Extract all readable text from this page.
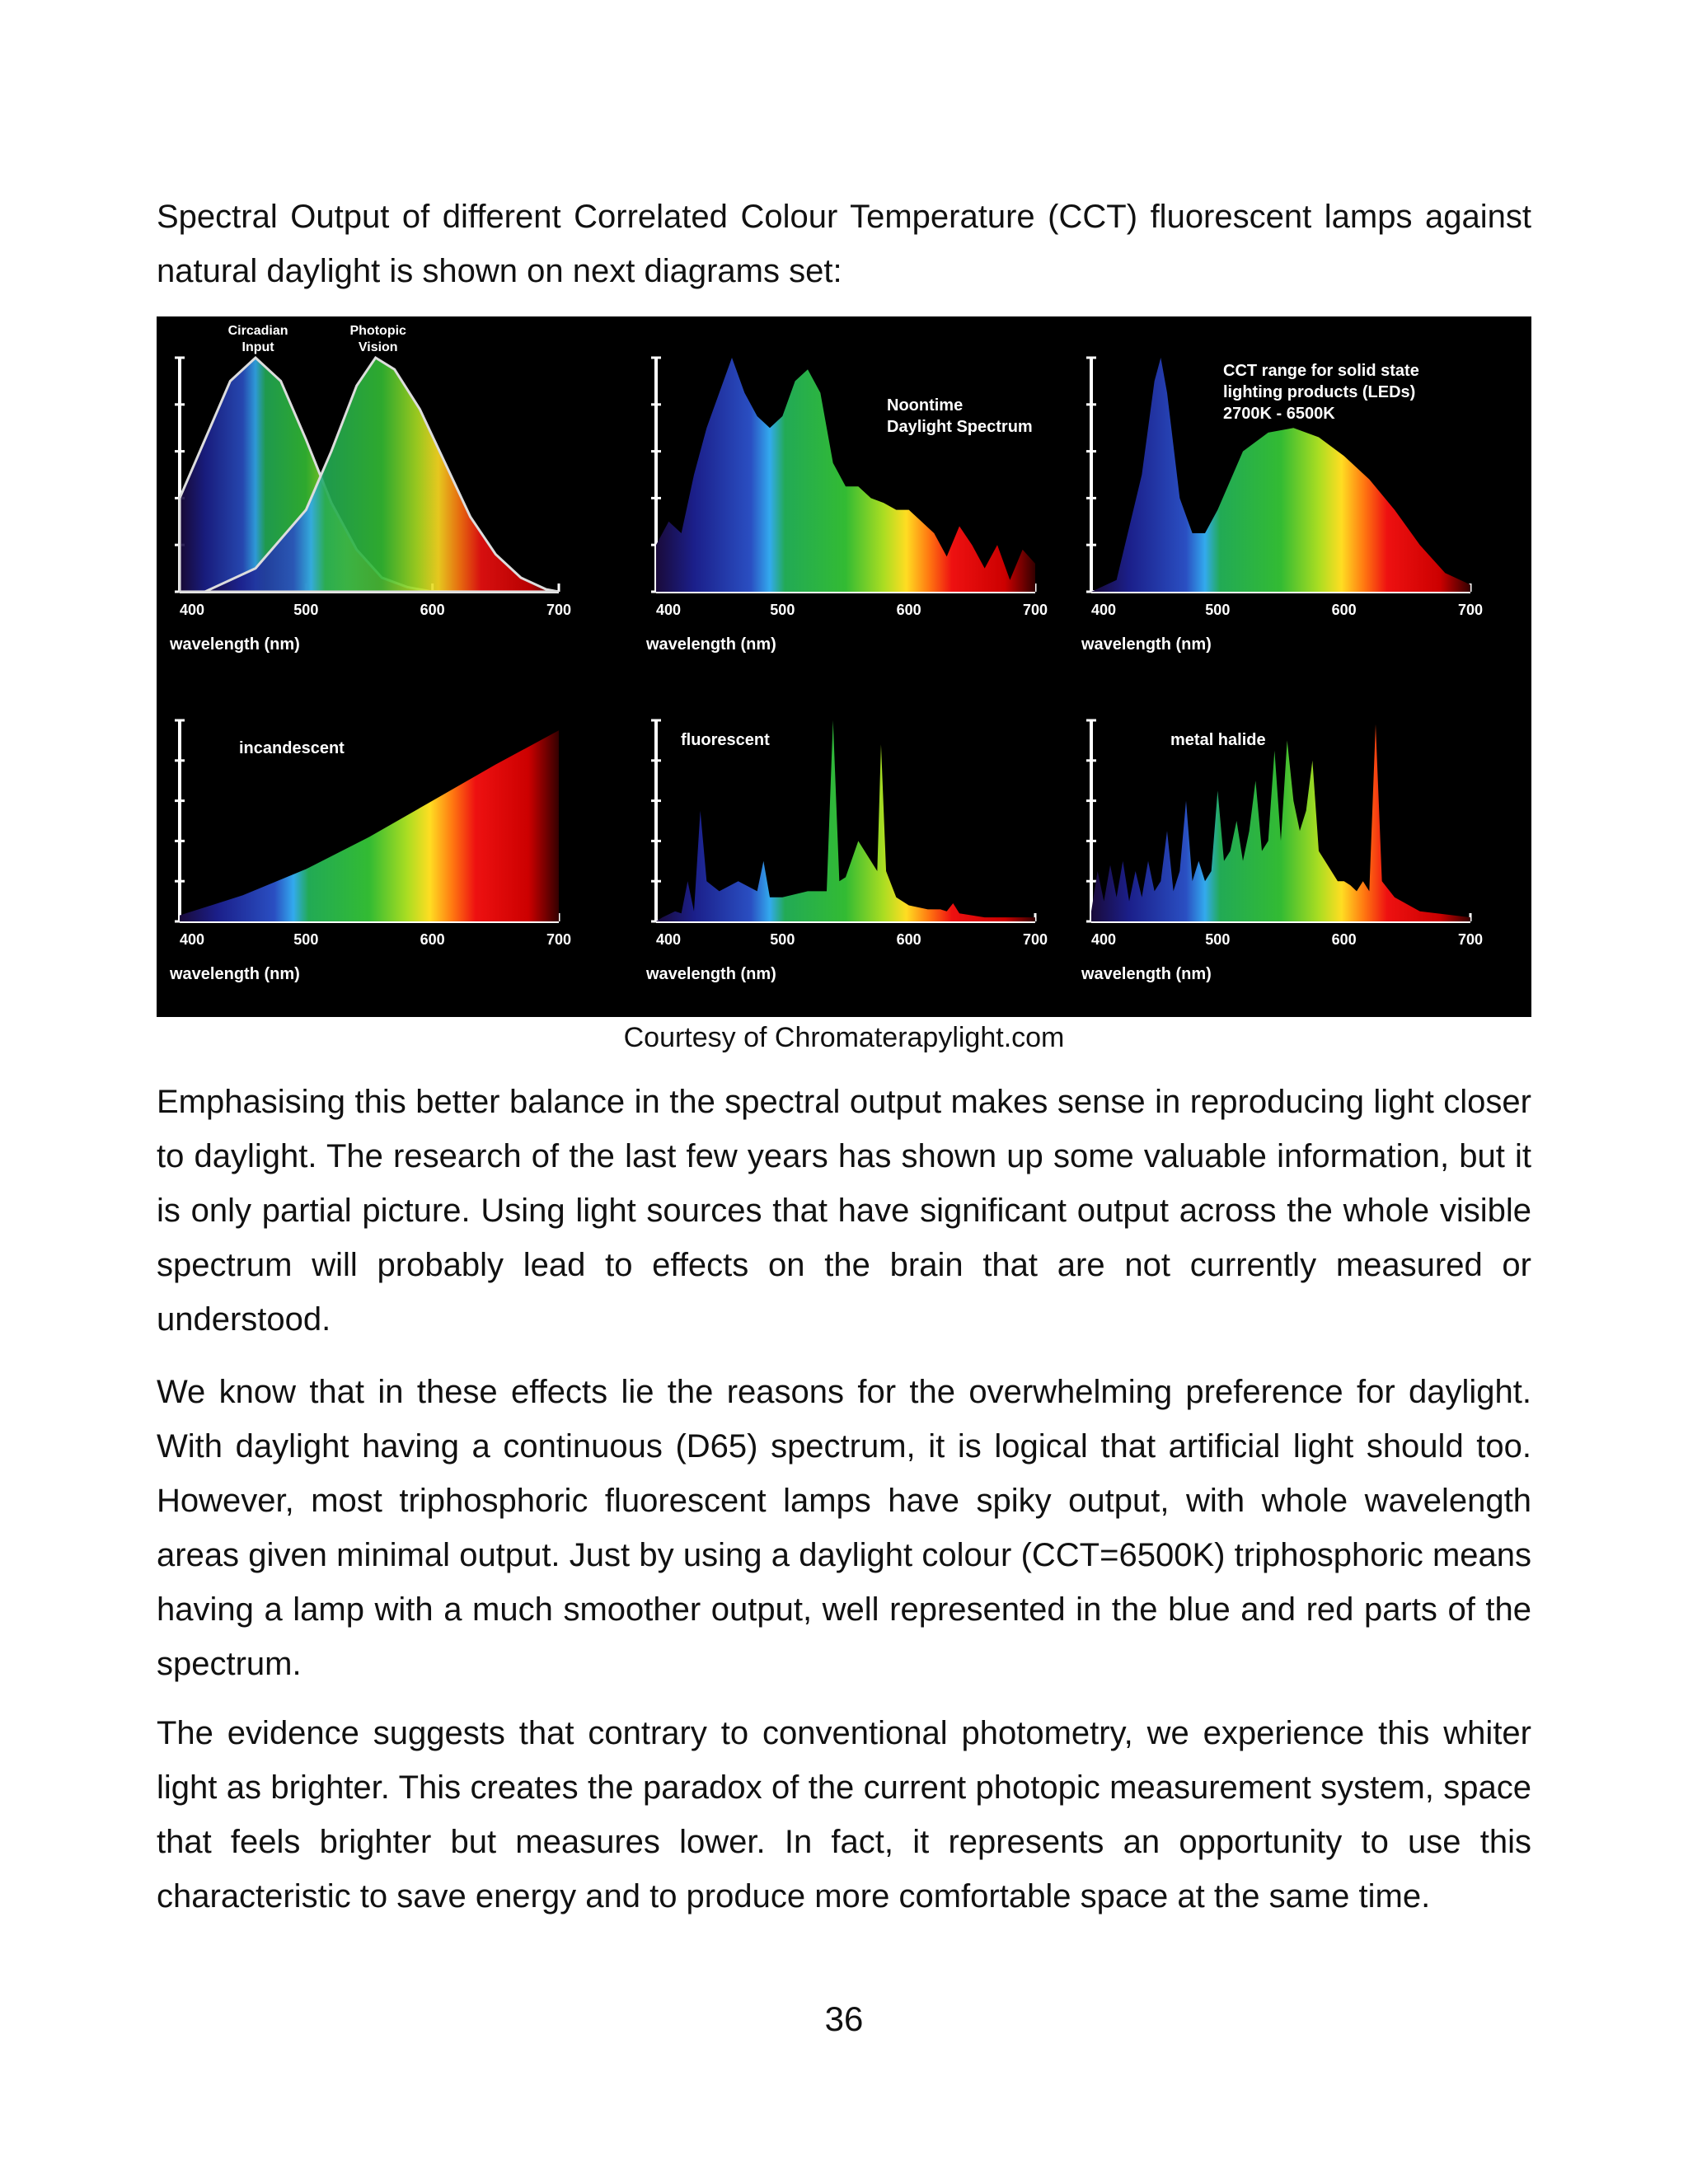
Spectral Output of different Correlated Colour Temperature (CCT) fluorescent lamps against natural daylight is shown on next diagrams set:

400	500	600	700
wavelength (nm)
Circadian
Input
Photopic
Vision
400	500	600	700
wavelength (nm)
Noontime
Daylight Spectrum
400	500	600	700
wavelength (nm)
CCT range for solid state
lighting products (LEDs)
2700K - 6500K
400	500	600	700
wavelength (nm)
incandescent
400	500	600	700
wavelength (nm)
fluorescent
400	500	600	700
wavelength (nm)
metal halide
Courtesy of Chromaterapylight.com

Emphasising this better balance in the spectral output makes sense in reproducing light closer to daylight. The research of the last few years has shown up some valuable information, but it is only partial picture. Using light sources that have significant output across the whole visible spectrum will probably lead to effects on the brain that are not currently measured or understood.

We know that in these effects lie the reasons for the overwhelming preference for daylight. With daylight having a continuous (D65) spectrum, it is logical that artificial light should too. However, most triphosphoric fluorescent lamps have spiky output, with whole wavelength areas given minimal output. Just by using a daylight colour (CCT=6500K) triphosphoric means having a lamp with a much smoother output, well represented in the blue and red parts of the spectrum.

The evidence suggests that contrary to conventional photometry, we experience this whiter light as brighter. This creates the paradox of the current photopic measurement system, space that feels brighter but measures lower. In fact, it represents an opportunity to use this characteristic to save energy and to produce more comfortable space at the same time.

36
